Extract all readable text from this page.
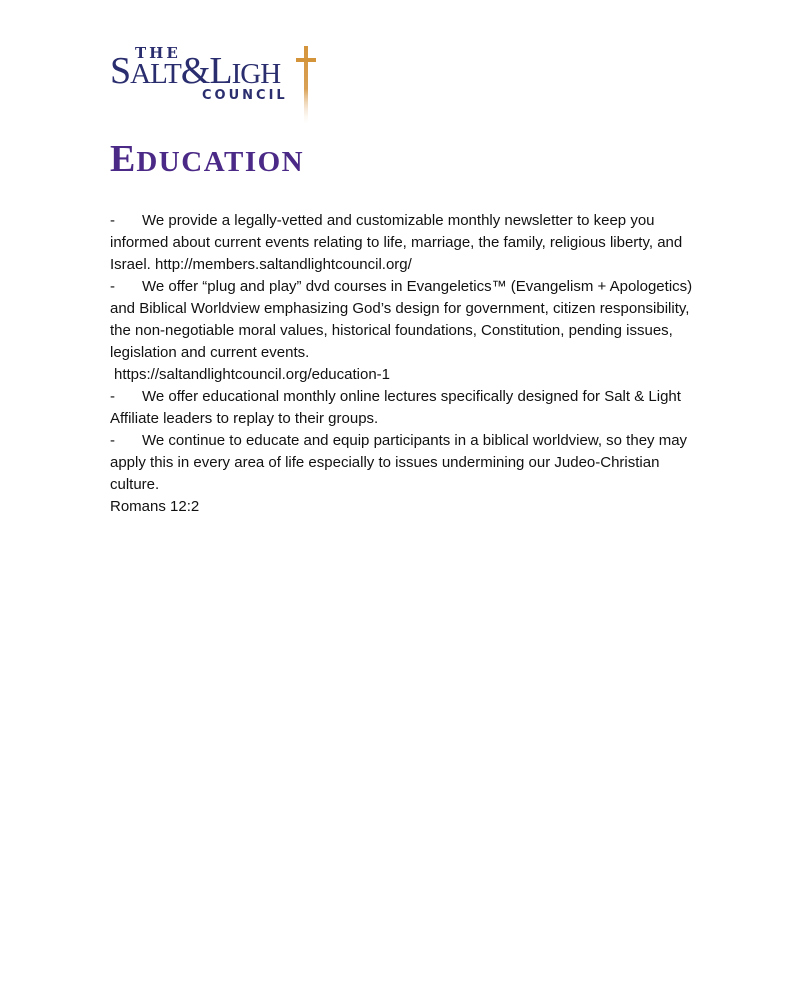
THE
SALT&LIGH
COUNCIL
EDUCATION

- We provide a legally-vetted and customizable monthly newsletter to keep you informed about current events relating to life, marriage, the family, religious liberty, and Israel. http://members.saltandlightcouncil.org/

- We offer “plug and play” dvd courses in Evangeletics™ (Evangelism + Apologetics) and Biblical Worldview emphasizing God’s design for government, citizen responsibility, the non-negotiable moral values, historical foundations, Constitution, pending issues, legislation and current events.

https://saltandlightcouncil.org/education-1

- We offer educational monthly online lectures specifically designed for Salt & Light Affiliate leaders to replay to their groups.

- We continue to educate and equip participants in a biblical worldview, so they may apply this in every area of life especially to issues undermining our Judeo-Christian culture.

Romans 12:2
